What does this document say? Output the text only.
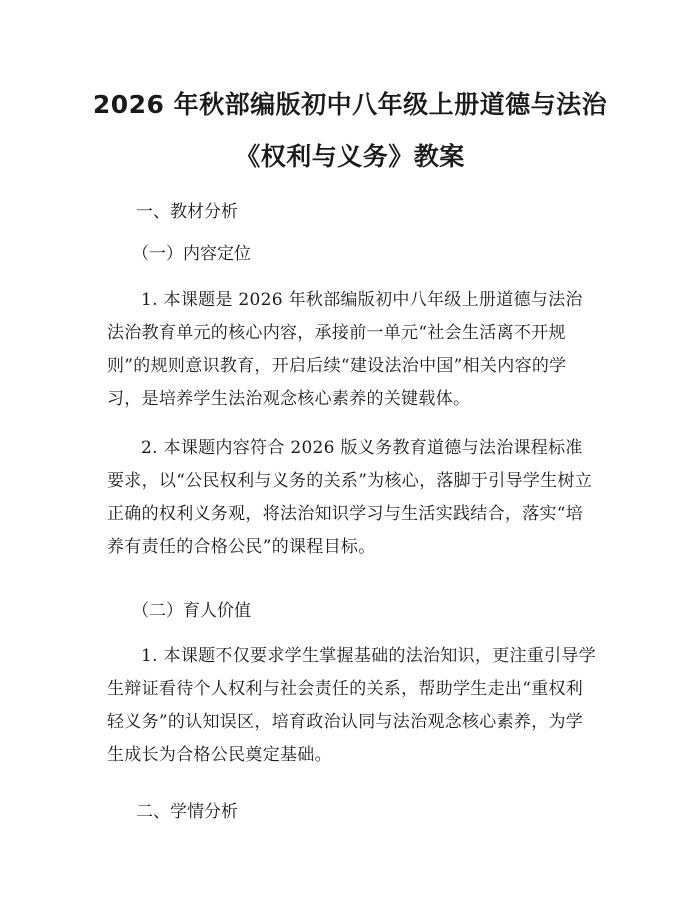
2026 年秋部编版初中八年级上册道德与法治
《权利与义务》教案
一、教材分析
（一）内容定位

1. 本课题是 2026 年秋部编版初中八年级上册道德与法治法治教育单元的核心内容，承接前一单元“社会生活离不开规则”的规则意识教育，开启后续“建设法治中国”相关内容的学习，是培养学生法治观念核心素养的关键载体。

2. 本课题内容符合 2026 版义务教育道德与法治课程标准要求，以“公民权利与义务的关系”为核心，落脚于引导学生树立正确的权利义务观，将法治知识学习与生活实践结合，落实“培养有责任的合格公民”的课程目标。

（二）育人价值

1. 本课题不仅要求学生掌握基础的法治知识，更注重引导学生辩证看待个人权利与社会责任的关系，帮助学生走出“重权利轻义务”的认知误区，培育政治认同与法治观念核心素养，为学生成长为合格公民奠定基础。

二、学情分析
